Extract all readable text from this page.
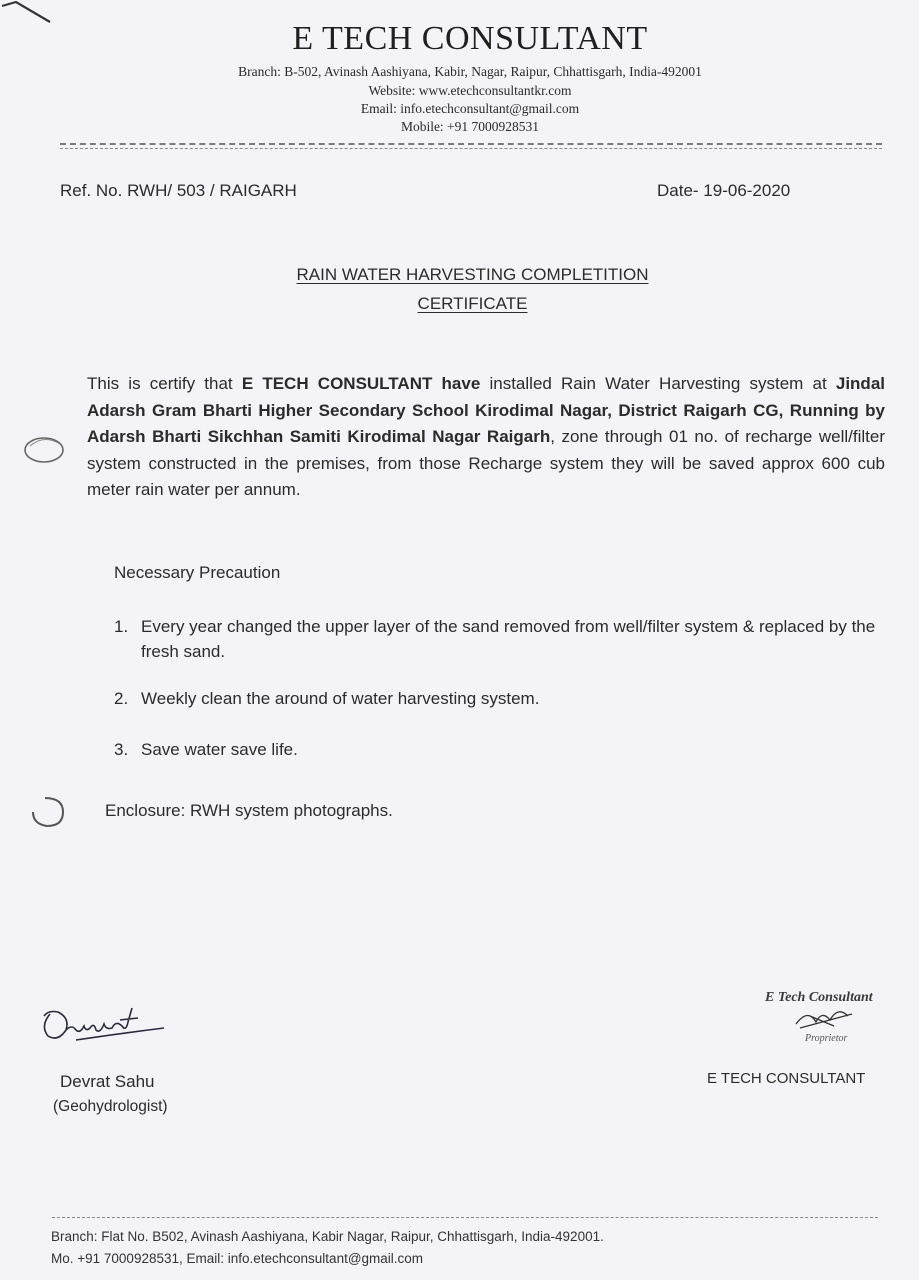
E TECH CONSULTANT
Branch: B-502, Avinash Aashiyana, Kabir, Nagar, Raipur, Chhattisgarh, India-492001
Website: www.etechconsultantkr.com
Email: info.etechconsultant@gmail.com
Mobile: +91 7000928531
Ref. No. RWH/ 503 / RAIGARH	Date- 19-06-2020
RAIN WATER HARVESTING COMPLETITION
CERTIFICATE
This is certify that E TECH CONSULTANT have installed Rain Water Harvesting system at Jindal Adarsh Gram Bharti Higher Secondary School Kirodimal Nagar, District Raigarh CG, Running by Adarsh Bharti Sikchhan Samiti Kirodimal Nagar Raigarh, zone through 01 no. of recharge well/filter system constructed in the premises, from those Recharge system they will be saved approx 600 cub meter rain water per annum.
Necessary Precaution
1. Every year changed the upper layer of the sand removed from well/filter system & replaced by the fresh sand.
2. Weekly clean the around of water harvesting system.
3. Save water save life.
Enclosure: RWH system photographs.
Devrat Sahu
(Geohydrologist)
E Tech Consultant
Proprietor
E TECH CONSULTANT
Branch: Flat No. B502, Avinash Aashiyana, Kabir Nagar, Raipur, Chhattisgarh, India-492001.
Mo. +91 7000928531, Email: info.etechconsultant@gmail.com
